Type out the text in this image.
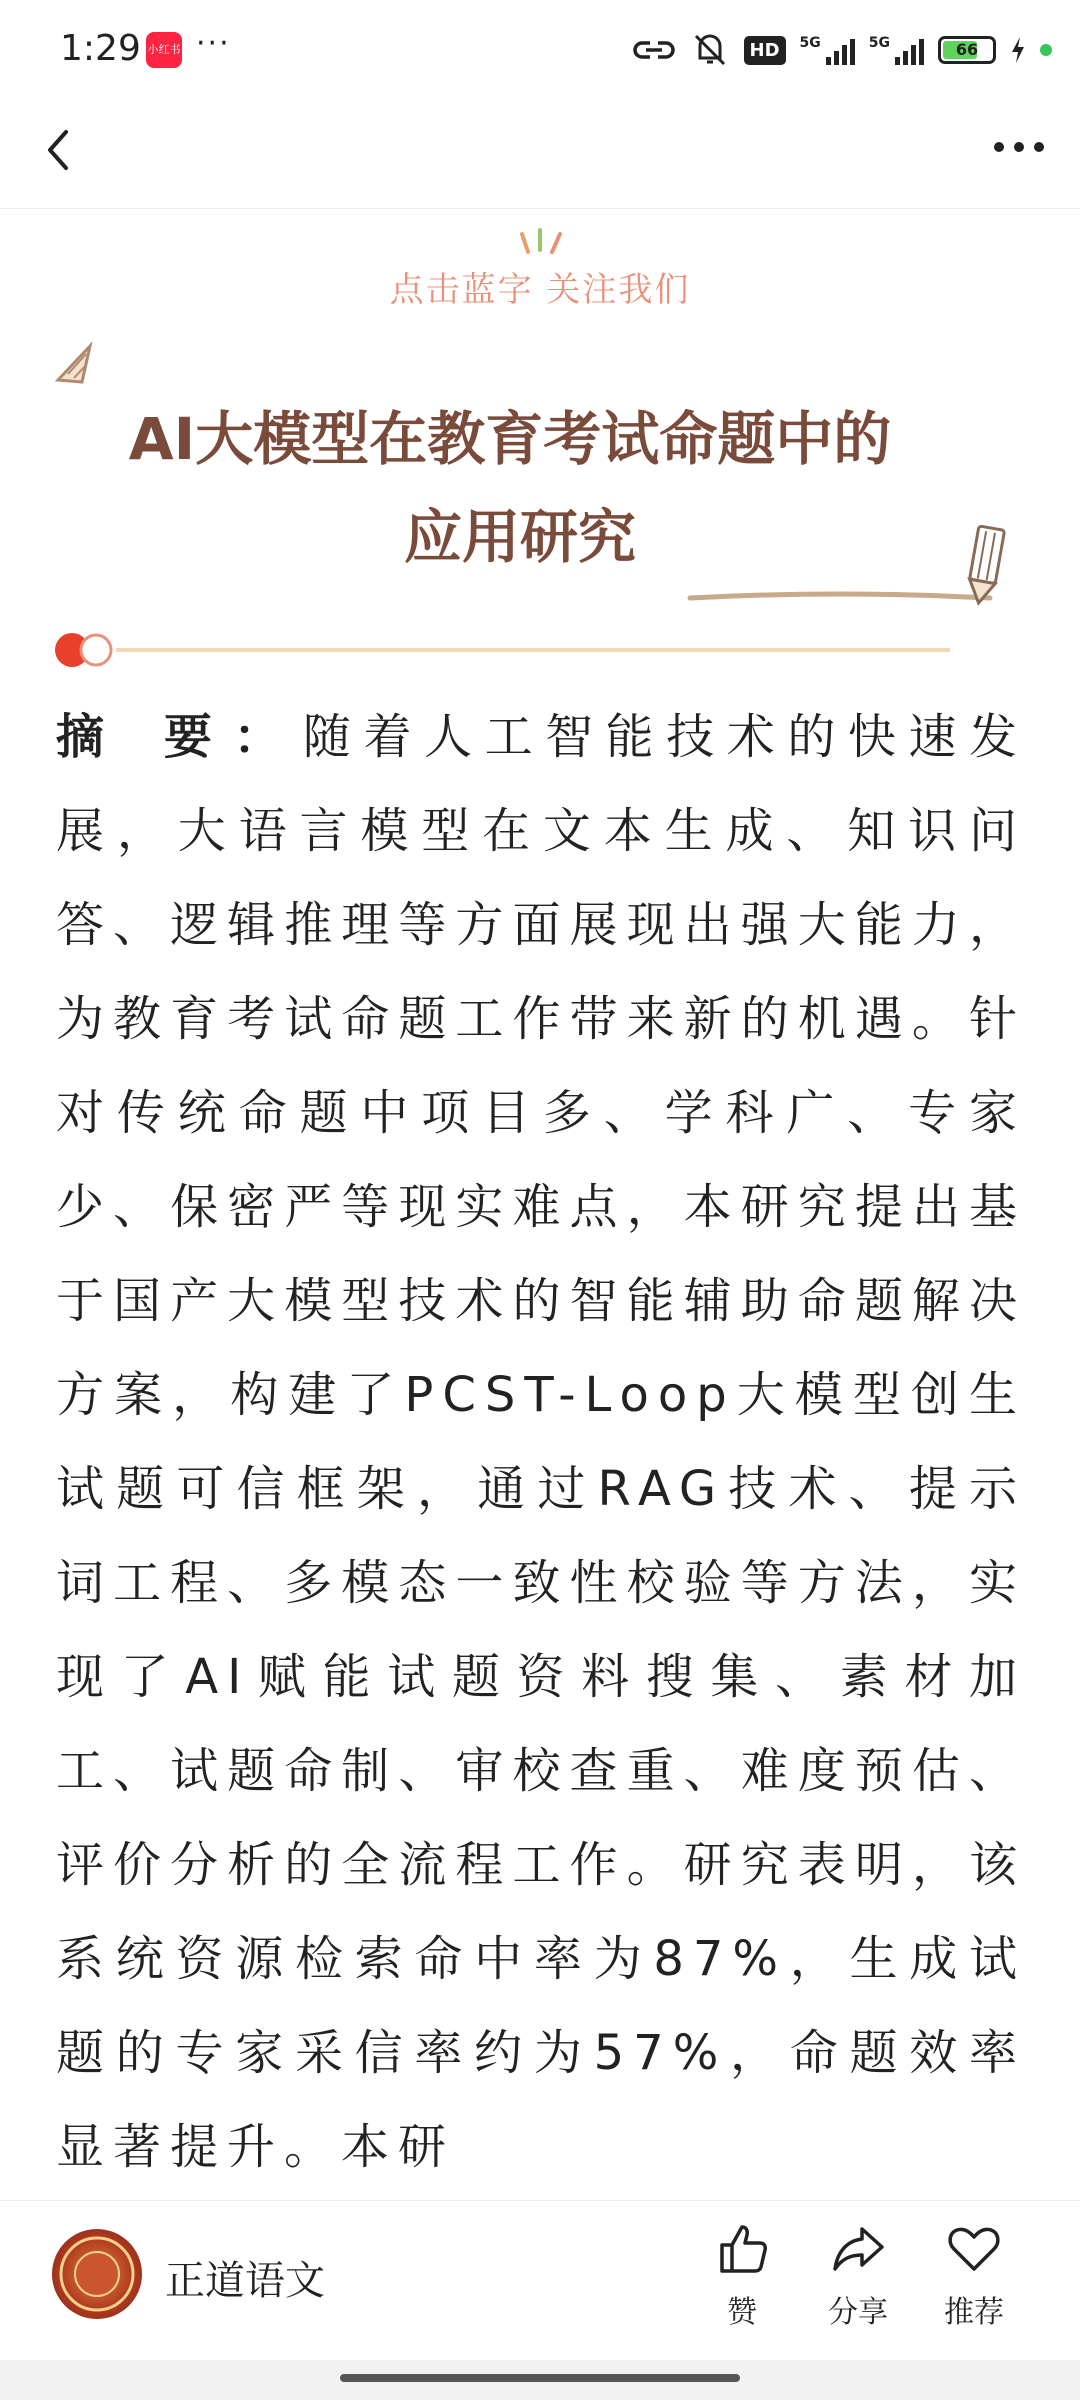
1:29 小红书 ···	HD	5G	5G	66
点击蓝字 关注我们
AI大模型在教育考试命题中的
应用研究
摘 要：随着人工智能技术的快速发展，大语言模型在文本生成、知识问答、逻辑推理等方面展现出强大能力，为教育考试命题工作带来新的机遇。针对传统命题中项目多、学科广、专家少、保密严等现实难点，本研究提出基于国产大模型技术的智能辅助命题解决方案，构建了PCST-Loop大模型创生试题可信框架，通过RAG技术、提示词工程、多模态一致性校验等方法，实现了AI赋能试题资料搜集、素材加工、试题命制、审校查重、难度预估、评价分析的全流程工作。研究表明，该系统资源检索命中率为87%，生成试题的专家采信率约为57%，命题效率显著提升。本研
正道语文
赞	分享	推荐
